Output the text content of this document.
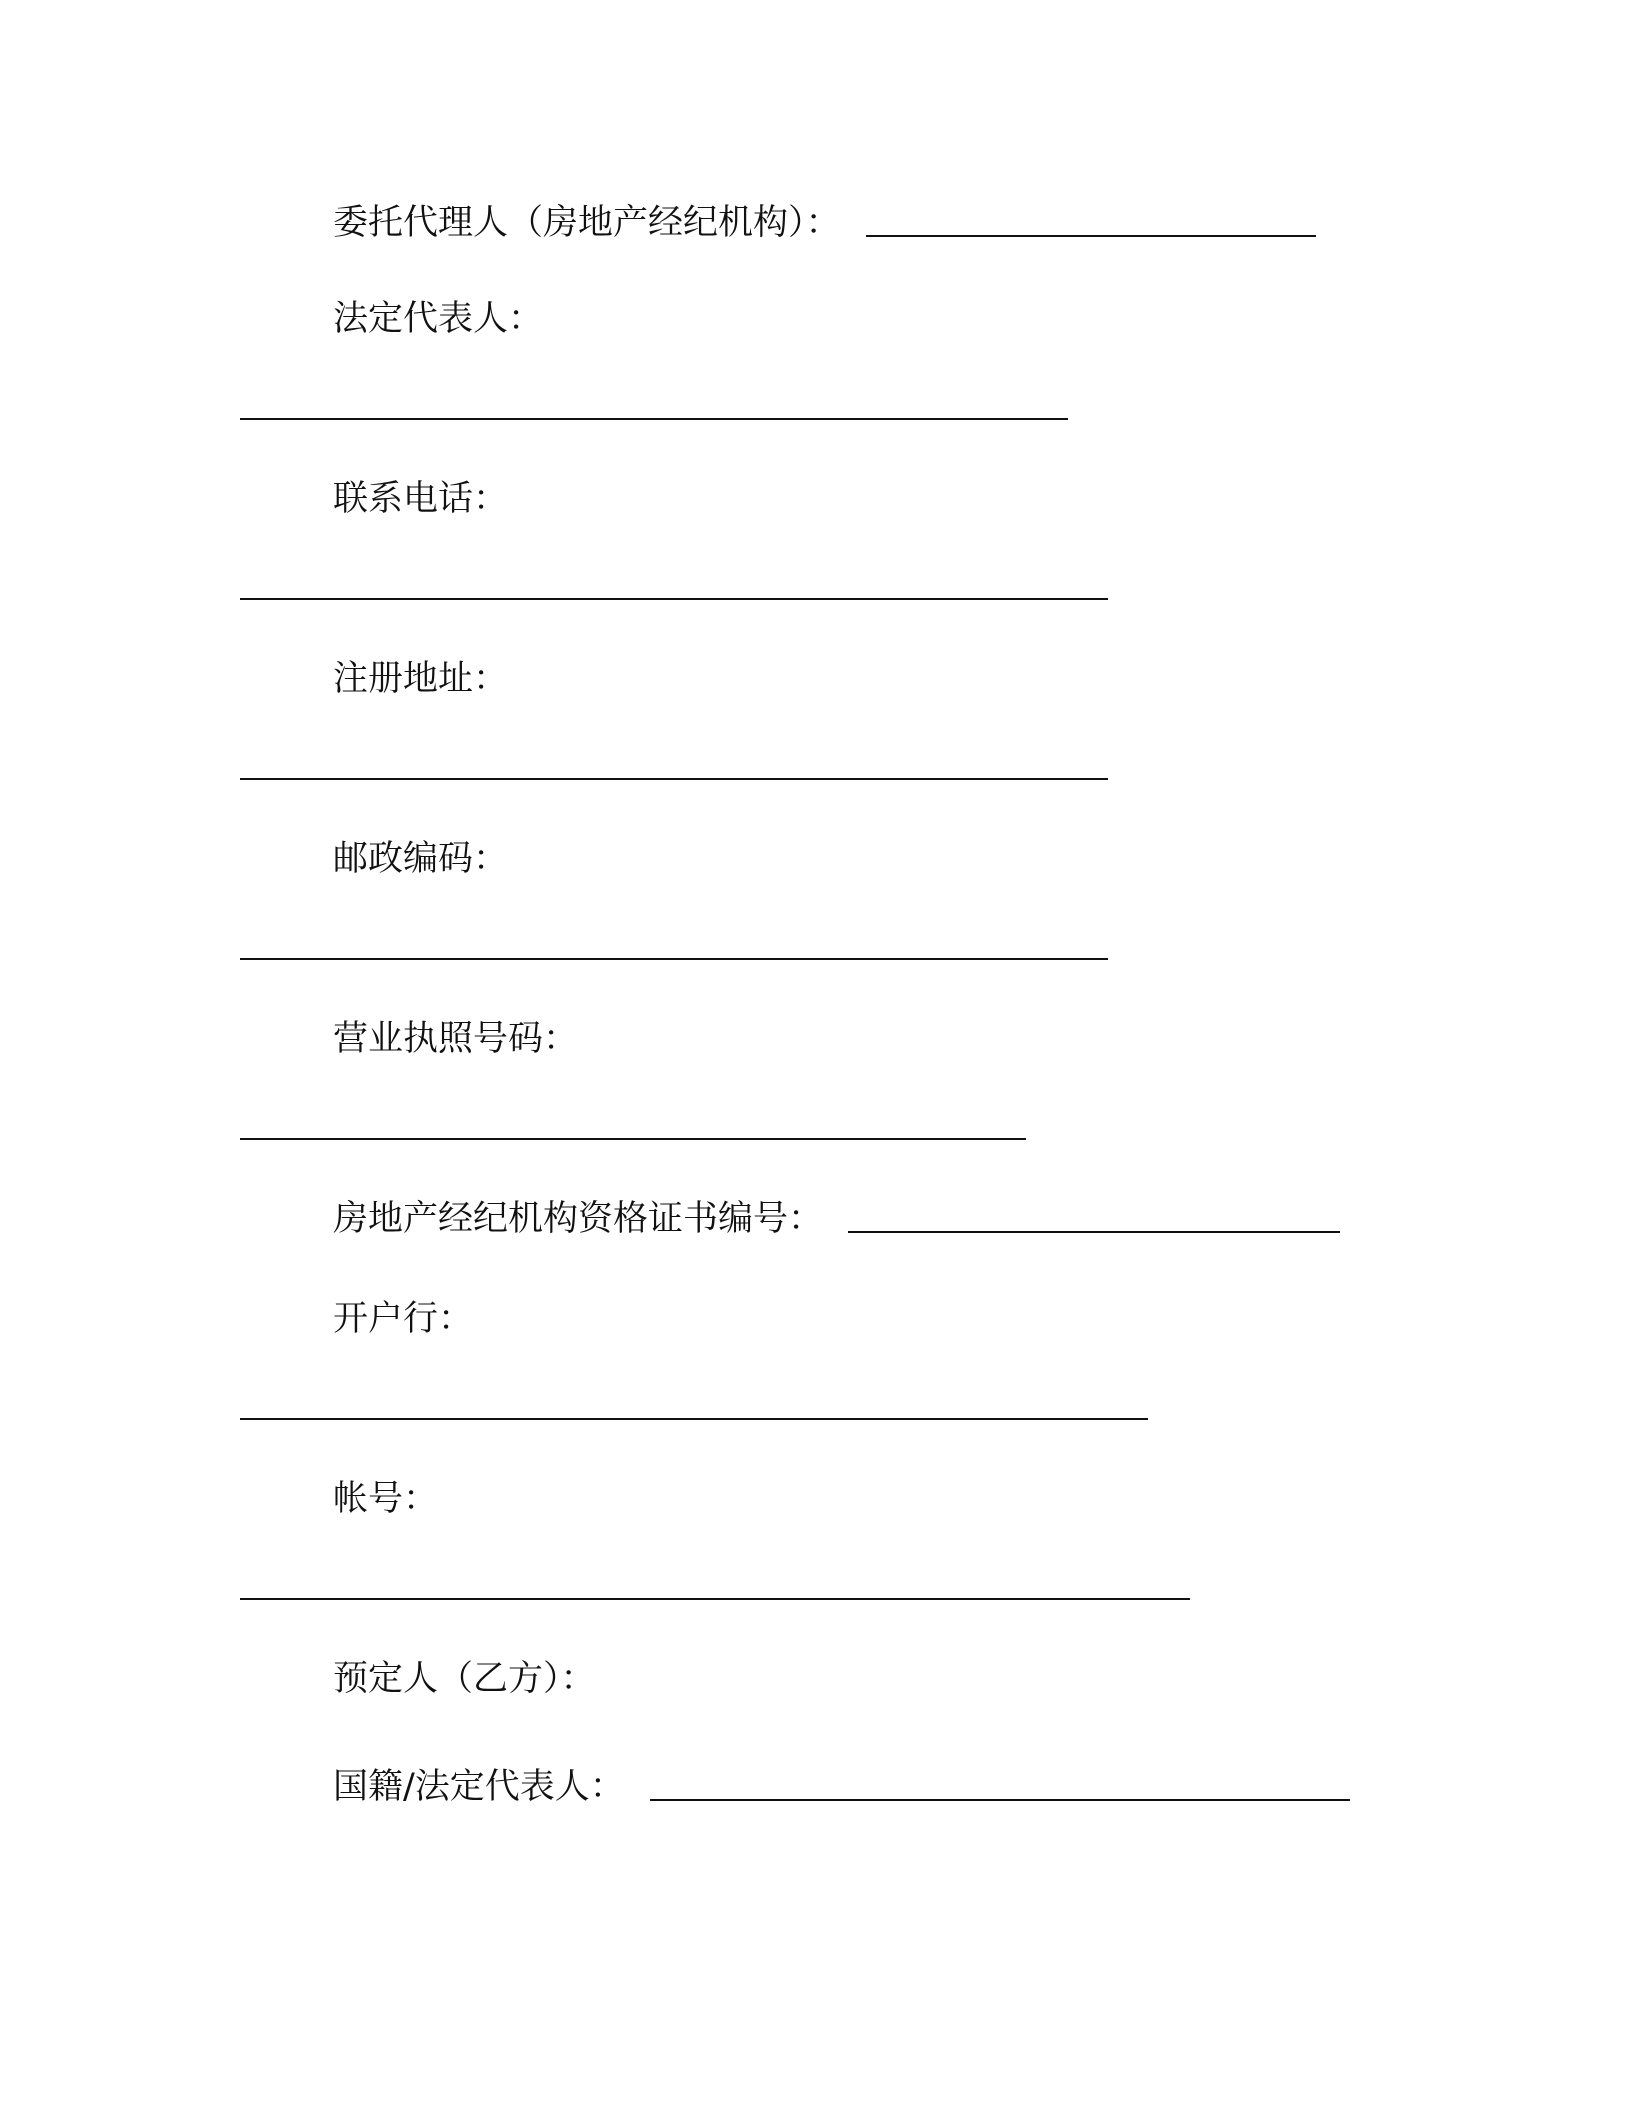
委托代理人（房地产经纪机构）：
法定代表人：
联系电话：
注册地址：
邮政编码：
营业执照号码：
房地产经纪机构资格证书编号：
开户行：
帐号：
预定人（乙方）：
国籍/法定代表人：
